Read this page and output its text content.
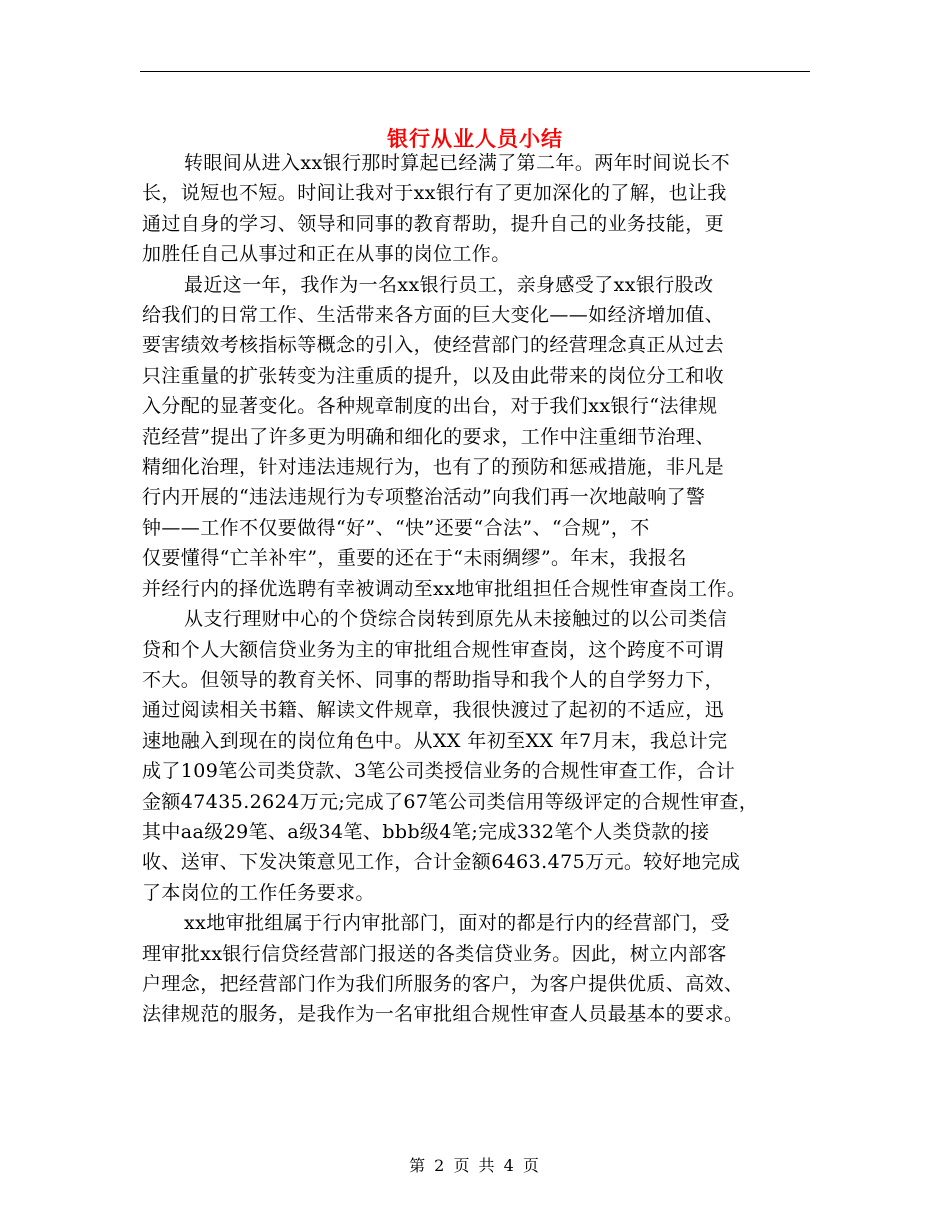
银行从业人员小结

转眼间从进入xx银行那时算起已经满了第二年。两年时间说长不
长，说短也不短。时间让我对于xx银行有了更加深化的了解，也让我
通过自身的学习、领导和同事的教育帮助，提升自己的业务技能，更
加胜任自己从事过和正在从事的岗位工作。

最近这一年，我作为一名xx银行员工，亲身感受了xx银行股改
给我们的日常工作、生活带来各方面的巨大变化——如经济增加值、
要害绩效考核指标等概念的引入，使经营部门的经营理念真正从过去
只注重量的扩张转变为注重质的提升，以及由此带来的岗位分工和收
入分配的显著变化。各种规章制度的出台，对于我们xx银行“法律规
范经营”提出了许多更为明确和细化的要求，工作中注重细节治理、
精细化治理，针对违法违规行为，也有了的预防和惩戒措施，非凡是
行内开展的“违法违规行为专项整治活动”向我们再一次地敲响了警
钟——工作不仅要做得“好”、“快”还要“合法”、“合规”，不
仅要懂得“亡羊补牢”，重要的还在于“未雨绸缪”。年末，我报名
并经行内的择优选聘有幸被调动至xx地审批组担任合规性审查岗工作。

从支行理财中心的个贷综合岗转到原先从未接触过的以公司类信
贷和个人大额信贷业务为主的审批组合规性审查岗，这个跨度不可谓
不大。但领导的教育关怀、同事的帮助指导和我个人的自学努力下，
通过阅读相关书籍、解读文件规章，我很快渡过了起初的不适应，迅
速地融入到现在的岗位角色中。从XX 年初至XX 年7月末，我总计完
成了109笔公司类贷款、3笔公司类授信业务的合规性审查工作，合计
金额47435.2624万元;完成了67笔公司类信用等级评定的合规性审查，
其中aa级29笔、a级34笔、bbb级4笔;完成332笔个人类贷款的接
收、送审、下发决策意见工作，合计金额6463.475万元。较好地完成
了本岗位的工作任务要求。

xx地审批组属于行内审批部门，面对的都是行内的经营部门，受
理审批xx银行信贷经营部门报送的各类信贷业务。因此，树立内部客
户理念，把经营部门作为我们所服务的客户，为客户提供优质、高效、
法律规范的服务，是我作为一名审批组合规性审查人员最基本的要求。

第 2 页 共 4 页
